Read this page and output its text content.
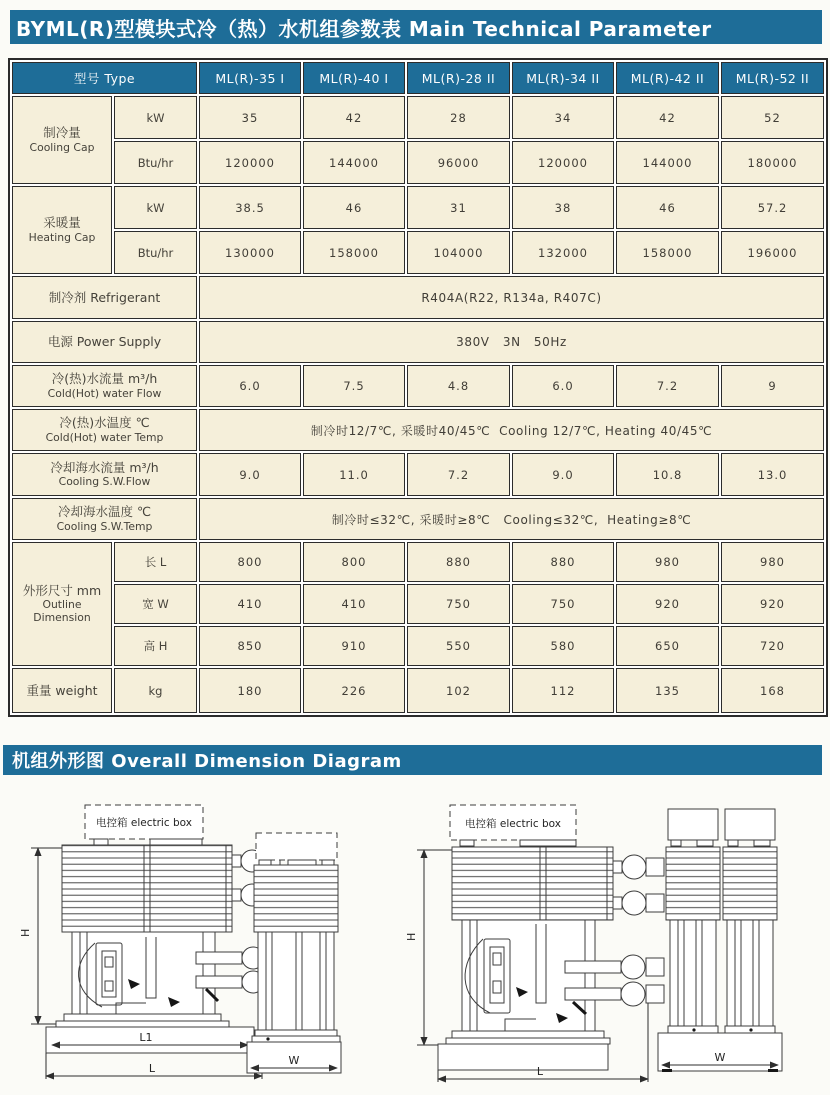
BYML(R)型模块式冷（热）水机组参数表 Main Technical Parameter
型号 Type		ML(R)-35 I	ML(R)-40 I	ML(R)-28 II	ML(R)-34 II	ML(R)-42 II	ML(R)-52 II

制冷量
Cooling Cap	kW	35	42	28	34	42	52
	Btu/hr	120000	144000	96000	120000	144000	180000

采暖量
Heating Cap	kW	38.5	46	31	38	46	57.2
	Btu/hr	130000	158000	104000	132000	158000	196000
制冷剂 Refrigerant		R404A(R22, R134a, R407C)					
电源 Power Supply		380V   3N   50Hz					

冷(热)水流量 m³/h
Cold(Hot) water Flow		6.0	7.5	4.8	6.0	7.2	9

冷(热)水温度 ℃
Cold(Hot) water Temp		制冷时12/7℃, 采暖时40/45℃  Cooling 12/7℃, Heating 40/45℃					

冷却海水流量 m³/h
Cooling S.W.Flow		9.0	11.0	7.2	9.0	10.8	13.0

冷却海水温度 ℃
Cooling S.W.Temp		制冷时≤32℃, 采暖时≥8℃   Cooling≤32℃,  Heating≥8℃					

外形尺寸 mm
Outline Dimension	长 L	800	800	880	880	980	980
	宽 W	410	410	750	750	920	920
	高 H	850	910	550	580	650	720
重量 weight	kg	180	226	102	112	135	168
机组外形图 Overall Dimension Diagram
H
电控箱 electric box
L1
L
W
H
电控箱 electric box
L
W
